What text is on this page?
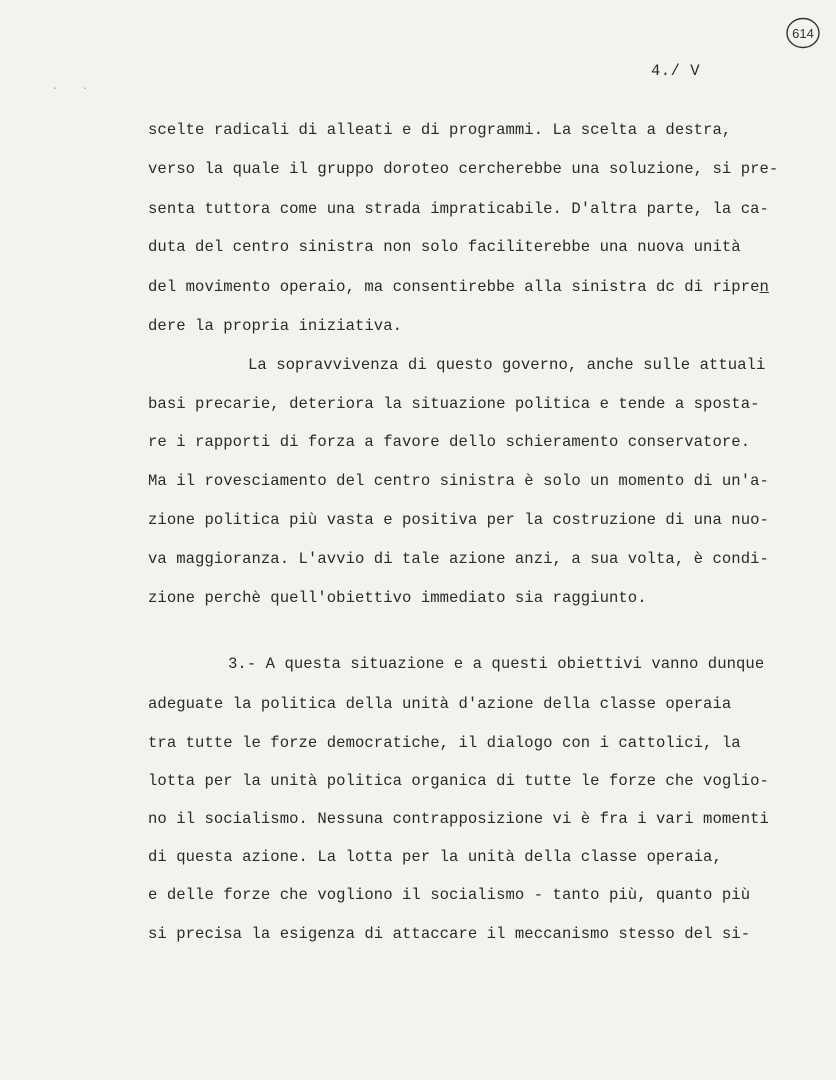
·    ·
614
4./ V
scelte radicali di alleati e di programmi. La scelta a destra,
verso la quale il gruppo doroteo cercherebbe una soluzione, si pre-
senta tuttora come una strada impraticabile. D'altra parte, la ca-
duta del centro sinistra non solo faciliterebbe una nuova unità
del movimento operaio, ma consentirebbe alla sinistra dc di ripren
dere la propria iniziativa.
La sopravvivenza di questo governo, anche sulle attuali
basi precarie, deteriora la situazione politica e tende a sposta-
re i rapporti di forza a favore dello schieramento conservatore.
Ma il rovesciamento del centro sinistra è solo un momento di un'a-
zione politica più vasta e positiva per la costruzione di una nuo-
va maggioranza. L'avvio di tale azione anzi, a sua volta, è condi-
zione perchè quell'obiettivo immediato sia raggiunto.
3.- A questa situazione e a questi obiettivi vanno dunque
adeguate la politica della unità d'azione della classe operaia
tra tutte le forze democratiche, il dialogo con i cattolici, la
lotta per la unità politica organica di tutte le forze che voglio-
no il socialismo. Nessuna contrapposizione vi è fra i vari momenti
di questa azione. La lotta per la unità della classe operaia,
e delle forze che vogliono il socialismo - tanto più, quanto più
si precisa la esigenza di attaccare il meccanismo stesso del si-
